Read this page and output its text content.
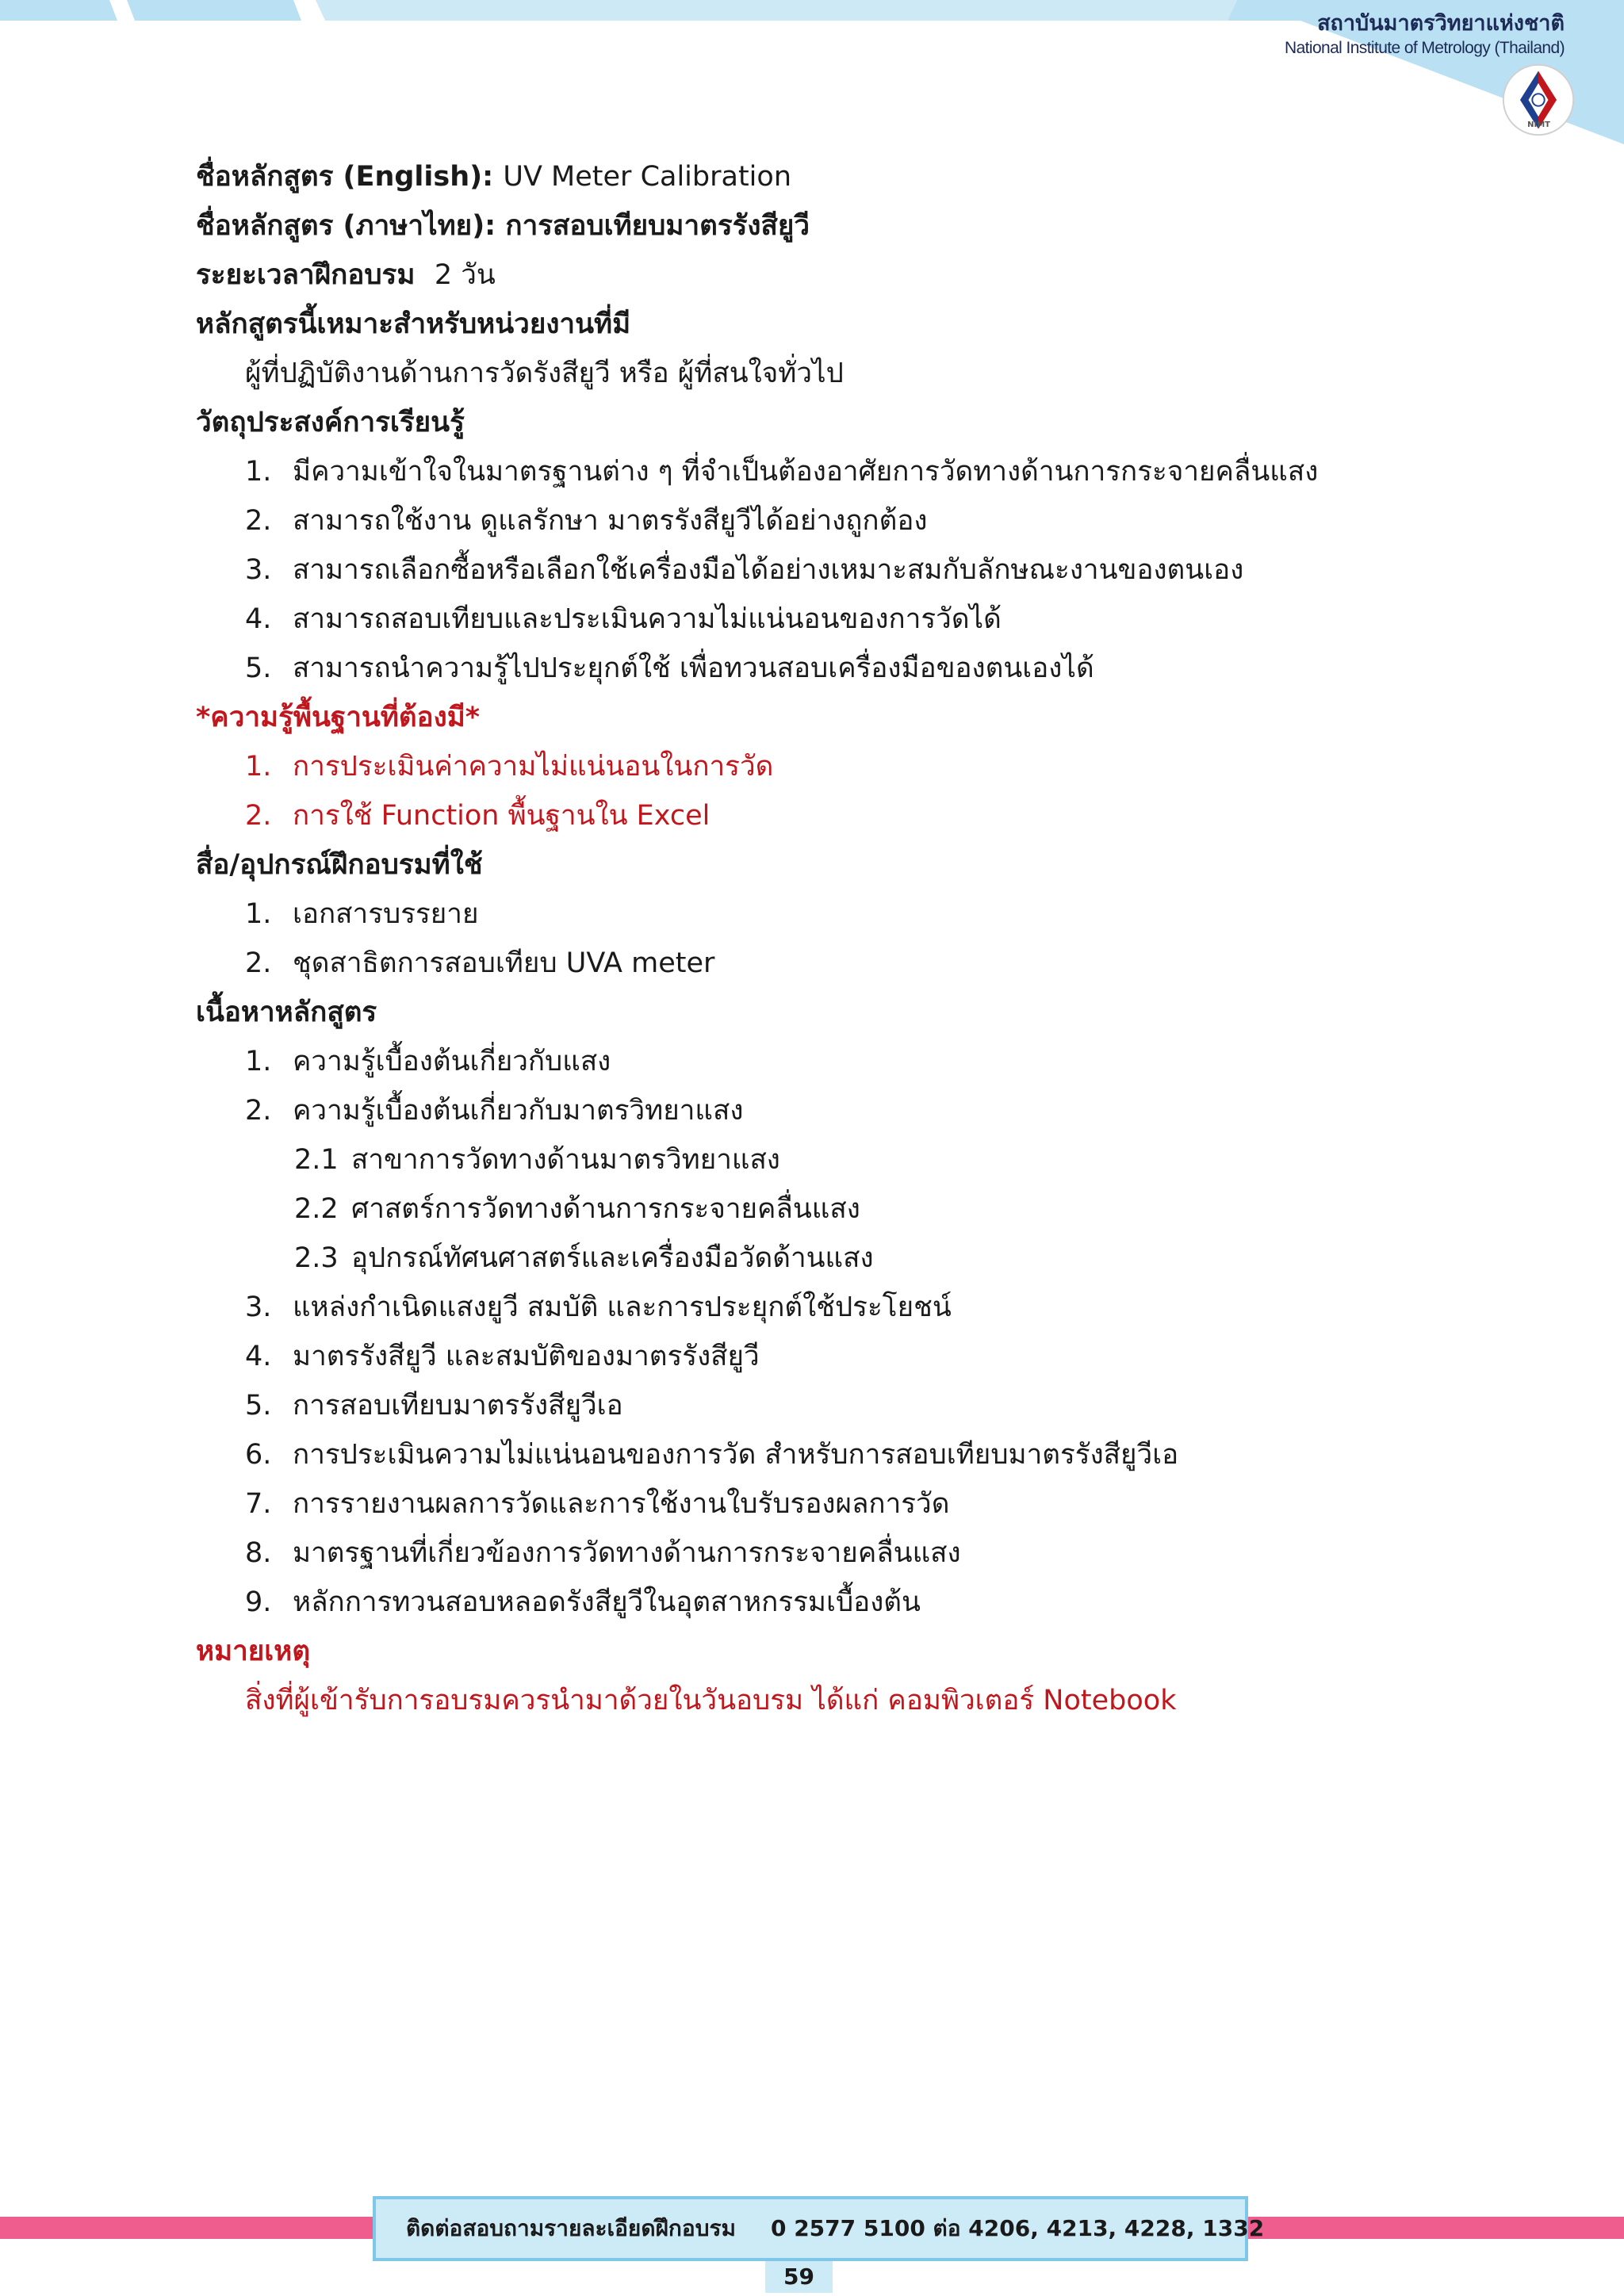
สถาบันมาตรวิทยาแห่งชาติ
National Institute of Metrology (Thailand)
NIMT
ชื่อหลักสูตร (English): UV Meter Calibration
ชื่อหลักสูตร (ภาษาไทย): การสอบเทียบมาตรรังสียูวี
ระยะเวลาฝึกอบรม 2 วัน
หลักสูตรนี้เหมาะสำหรับหน่วยงานที่มี
ผู้ที่ปฏิบัติงานด้านการวัดรังสียูวี หรือ ผู้ที่สนใจทั่วไป
วัตถุประสงค์การเรียนรู้
1. มีความเข้าใจในมาตรฐานต่าง ๆ ที่จำเป็นต้องอาศัยการวัดทางด้านการกระจายคลื่นแสง
2. สามารถใช้งาน ดูแลรักษา มาตรรังสียูวีได้อย่างถูกต้อง
3. สามารถเลือกซื้อหรือเลือกใช้เครื่องมือได้อย่างเหมาะสมกับลักษณะงานของตนเอง
4. สามารถสอบเทียบและประเมินความไม่แน่นอนของการวัดได้
5. สามารถนำความรู้ไปประยุกต์ใช้ เพื่อทวนสอบเครื่องมือของตนเองได้
*ความรู้พื้นฐานที่ต้องมี*
1. การประเมินค่าความไม่แน่นอนในการวัด
2. การใช้ Function พื้นฐานใน Excel
สื่อ/อุปกรณ์ฝึกอบรมที่ใช้
1. เอกสารบรรยาย
2. ชุดสาธิตการสอบเทียบ UVA meter
เนื้อหาหลักสูตร
1. ความรู้เบื้องต้นเกี่ยวกับแสง
2. ความรู้เบื้องต้นเกี่ยวกับมาตรวิทยาแสง
2.1 สาขาการวัดทางด้านมาตรวิทยาแสง
2.2 ศาสตร์การวัดทางด้านการกระจายคลื่นแสง
2.3 อุปกรณ์ทัศนศาสตร์และเครื่องมือวัดด้านแสง
3. แหล่งกำเนิดแสงยูวี สมบัติ และการประยุกต์ใช้ประโยชน์
4. มาตรรังสียูวี และสมบัติของมาตรรังสียูวี
5. การสอบเทียบมาตรรังสียูวีเอ
6. การประเมินความไม่แน่นอนของการวัด สำหรับการสอบเทียบมาตรรังสียูวีเอ
7. การรายงานผลการวัดและการใช้งานใบรับรองผลการวัด
8. มาตรฐานที่เกี่ยวข้องการวัดทางด้านการกระจายคลื่นแสง
9. หลักการทวนสอบหลอดรังสียูวีในอุตสาหกรรมเบื้องต้น
หมายเหตุ
สิ่งที่ผู้เข้ารับการอบรมควรนำมาด้วยในวันอบรม ได้แก่ คอมพิวเตอร์ Notebook
ติดต่อสอบถามรายละเอียดฝึกอบรม 0 2577 5100 ต่อ 4206, 4213, 4228, 1332
59
